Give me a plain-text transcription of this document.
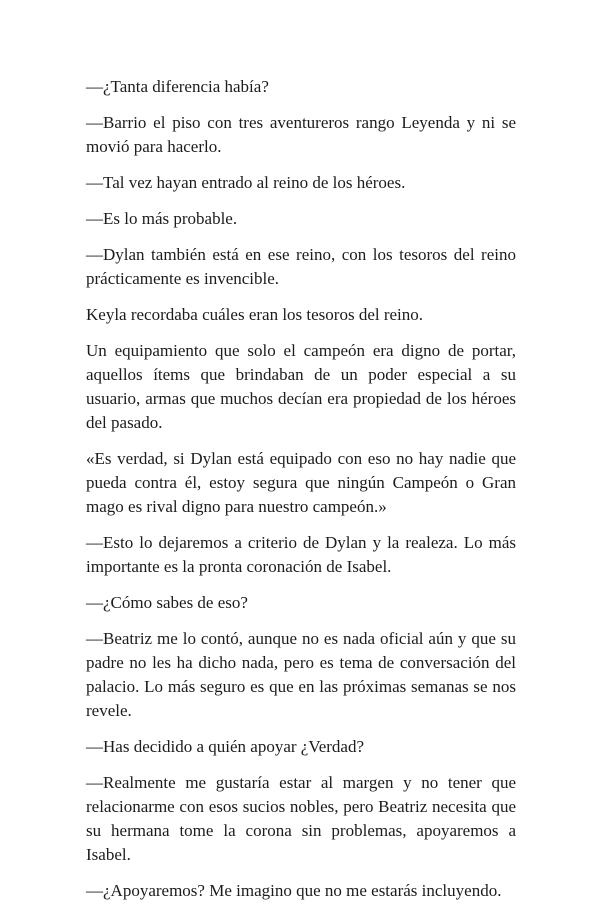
—¿Tanta diferencia había?

—Barrio el piso con tres aventureros rango Leyenda y ni se movió para hacerlo.

—Tal vez hayan entrado al reino de los héroes.

—Es lo más probable.

—Dylan también está en ese reino, con los tesoros del reino prácticamente es invencible.

Keyla recordaba cuáles eran los tesoros del reino.

Un equipamiento que solo el campeón era digno de portar, aquellos ítems que brindaban de un poder especial a su usuario, armas que muchos decían era propiedad de los héroes del pasado.

«Es verdad, si Dylan está equipado con eso no hay nadie que pueda contra él, estoy segura que ningún Campeón o Gran mago es rival digno para nuestro campeón.»

—Esto lo dejaremos a criterio de Dylan y la realeza. Lo más importante es la pronta coronación de Isabel.

—¿Cómo sabes de eso?

—Beatriz me lo contó, aunque no es nada oficial aún y que su padre no les ha dicho nada, pero es tema de conversación del palacio. Lo más seguro es que en las próximas semanas se nos revele.

—Has decidido a quién apoyar ¿Verdad?

—Realmente me gustaría estar al margen y no tener que relacionarme con esos sucios nobles, pero Beatriz necesita que su hermana tome la corona sin problemas, apoyaremos a Isabel.

—¿Apoyaremos? Me imagino que no me estarás incluyendo.
